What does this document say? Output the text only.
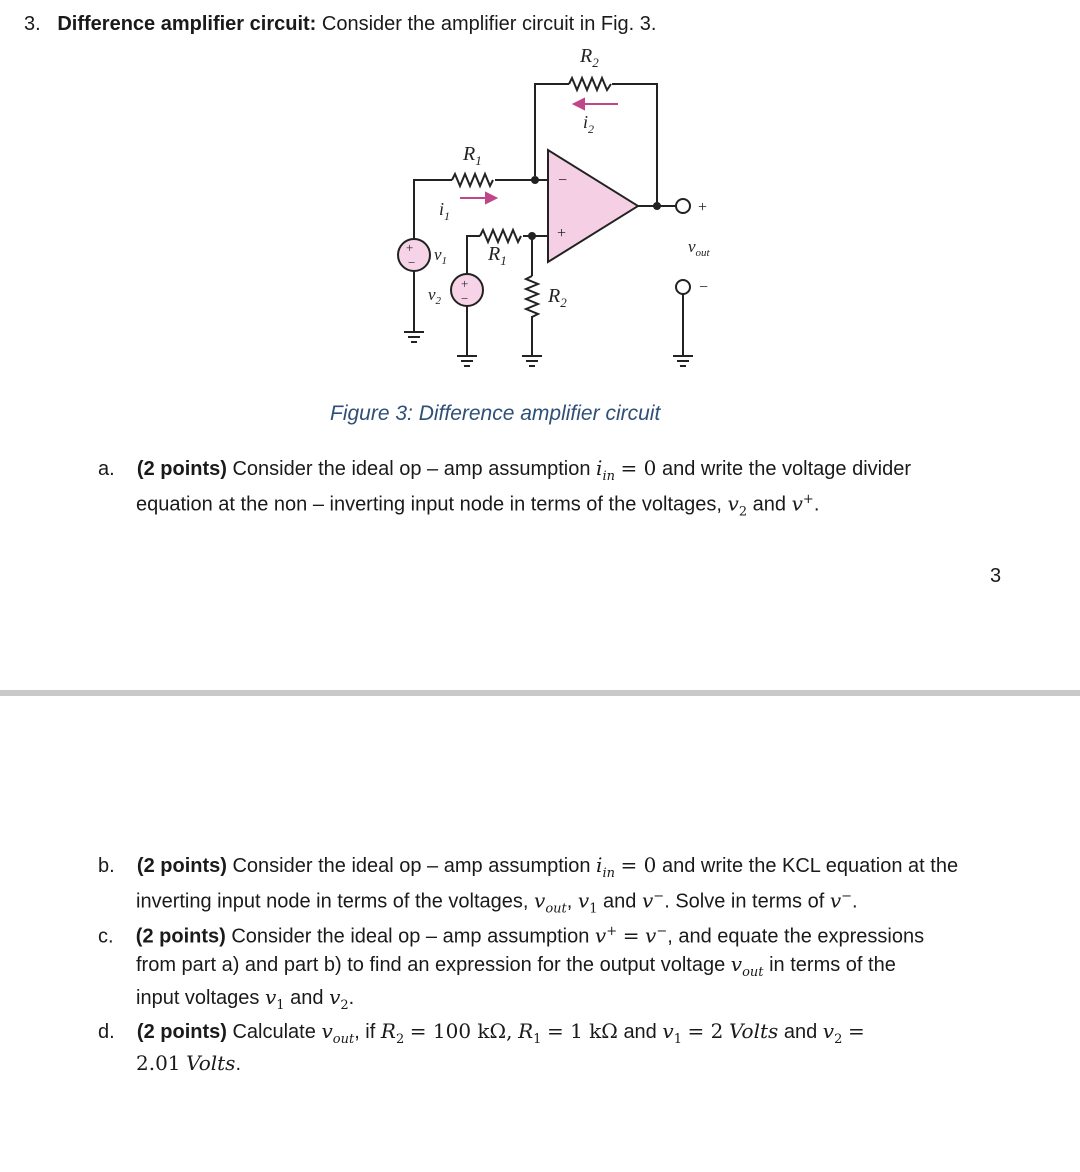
3. Difference amplifier circuit: Consider the amplifier circuit in Fig. 3.
−
+
+
−
+
−
$R_2$
$i_2$
$R_1$
$i_1$
$R_1$
$R_2$
$v_1$
$v_2$
$v_{out}$
+
−
Figure 3: Difference amplifier circuit
a. (2 points) Consider the ideal op – amp assumption $i_{in} = 0$ and write the voltage divider
equation at the non – inverting input node in terms of the voltages, $v_2$ and v+.
3
b. (2 points) Consider the ideal op – amp assumption $i_{in} = 0$ and write the KCL equation at the
inverting input node in terms of the voltages, $v_{out}$, $v_1$ and v−. Solve in terms of v−.
c. (2 points) Consider the ideal op – amp assumption v+ = v−, and equate the expressions
from part a) and part b) to find an expression for the output voltage $v_{out}$ in terms of the
input voltages $v_1$ and $v_2$.
d. (2 points) Calculate $v_{out}$, if $R_2 = 100$ kΩ, $R_1 = 1$ kΩ and $v_1 = 2$ Volts and $v_2$ =
2.01 Volts.
